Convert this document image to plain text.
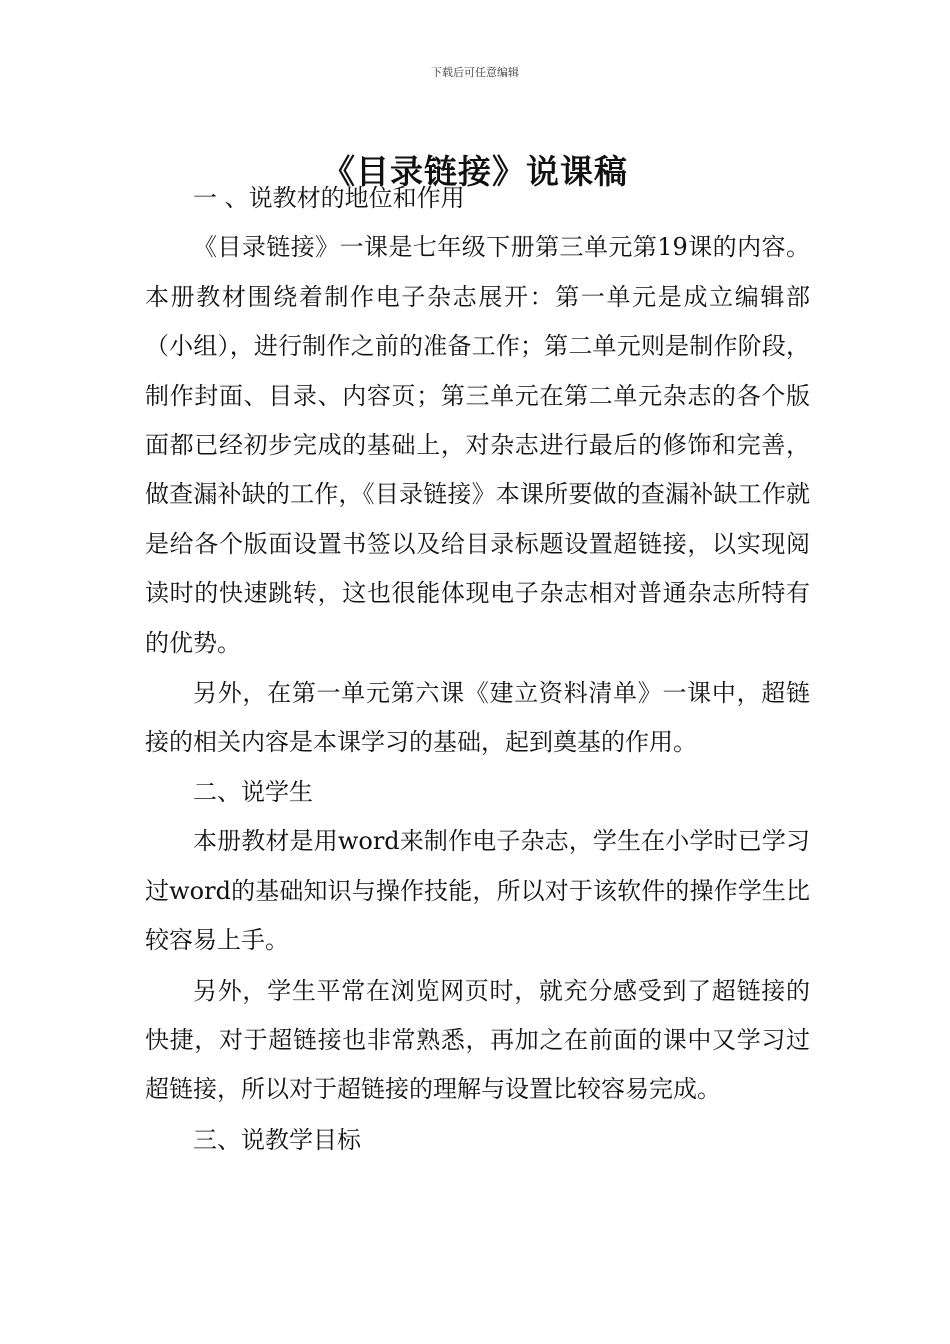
下载后可任意编辑
《目录链接》说课稿
一 、说教材的地位和作用

《目录链接》一课是七年级下册第三单元第19课的内容。本册教材围绕着制作电子杂志展开：第一单元是成立编辑部（小组），进行制作之前的准备工作；第二单元则是制作阶段，制作封面、目录、内容页；第三单元在第二单元杂志的各个版面都已经初步完成的基础上，对杂志进行最后的修饰和完善，做查漏补缺的工作，《目录链接》本课所要做的查漏补缺工作就是给各个版面设置书签以及给目录标题设置超链接，以实现阅读时的快速跳转，这也很能体现电子杂志相对普通杂志所特有的优势。

另外，在第一单元第六课《建立资料清单》一课中，超链接的相关内容是本课学习的基础，起到奠基的作用。

二、说学生

本册教材是用word来制作电子杂志，学生在小学时已学习过word的基础知识与操作技能，所以对于该软件的操作学生比较容易上手。

另外，学生平常在浏览网页时，就充分感受到了超链接的快捷，对于超链接也非常熟悉，再加之在前面的课中又学习过超链接，所以对于超链接的理解与设置比较容易完成。

三、说教学目标
